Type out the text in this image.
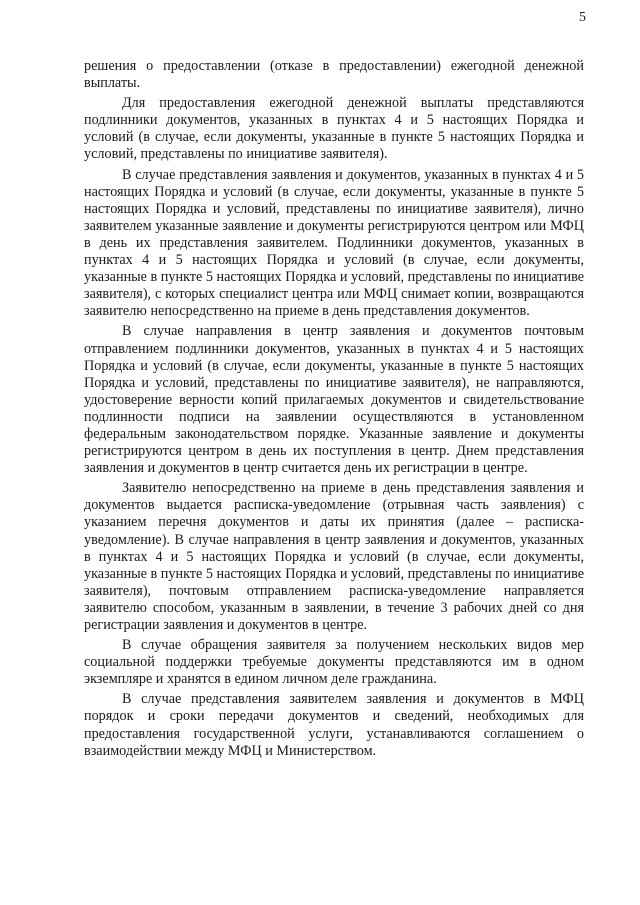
5

решения о предоставлении (отказе в предоставлении) ежегодной денежной выплаты.

Для предоставления ежегодной денежной выплаты представляются подлинники документов, указанных в пунктах 4 и 5 настоящих Порядка и условий (в случае, если документы, указанные в пункте 5 настоящих Порядка и условий, представлены по инициативе заявителя).

В случае представления заявления и документов, указанных в пунктах 4 и 5 настоящих Порядка и условий (в случае, если документы, указанные в пункте 5 настоящих Порядка и условий, представлены по инициативе заявителя), лично заявителем указанные заявление и документы регистрируются центром или МФЦ в день их представления заявителем. Подлинники документов, указанных в пунктах 4 и 5 настоящих Порядка и условий (в случае, если документы, указанные в пункте 5 настоящих Порядка и условий, представлены по инициативе заявителя), с которых специалист центра или МФЦ снимает копии, возвращаются заявителю непосредственно на приеме в день представления документов.

В случае направления в центр заявления и документов почтовым отправлением подлинники документов, указанных в пунктах 4 и 5 настоящих Порядка и условий (в случае, если документы, указанные в пункте 5 настоящих Порядка и условий, представлены по инициативе заявителя), не направляются, удостоверение верности копий прилагаемых документов и свидетельствование подлинности подписи на заявлении осуществляются в установленном федеральным законодательством порядке. Указанные заявление и документы регистрируются центром в день их поступления в центр. Днем представления заявления и документов в центр считается день их регистрации в центре.

Заявителю непосредственно на приеме в день представления заявления и документов выдается расписка-уведомление (отрывная часть заявления) с указанием перечня документов и даты их принятия (далее – расписка-уведомление). В случае направления в центр заявления и документов, указанных в пунктах 4 и 5 настоящих Порядка и условий (в случае, если документы, указанные в пункте 5 настоящих Порядка и условий, представлены по инициативе заявителя), почтовым отправлением расписка-уведомление направляется заявителю способом, указанным в заявлении, в течение 3 рабочих дней со дня регистрации заявления и документов в центре.

В случае обращения заявителя за получением нескольких видов мер социальной поддержки требуемые документы представляются им в одном экземпляре и хранятся в едином личном деле гражданина.

В случае представления заявителем заявления и документов в МФЦ порядок и сроки передачи документов и сведений, необходимых для предоставления государственной услуги, устанавливаются соглашением о взаимодействии между МФЦ и Министерством.
